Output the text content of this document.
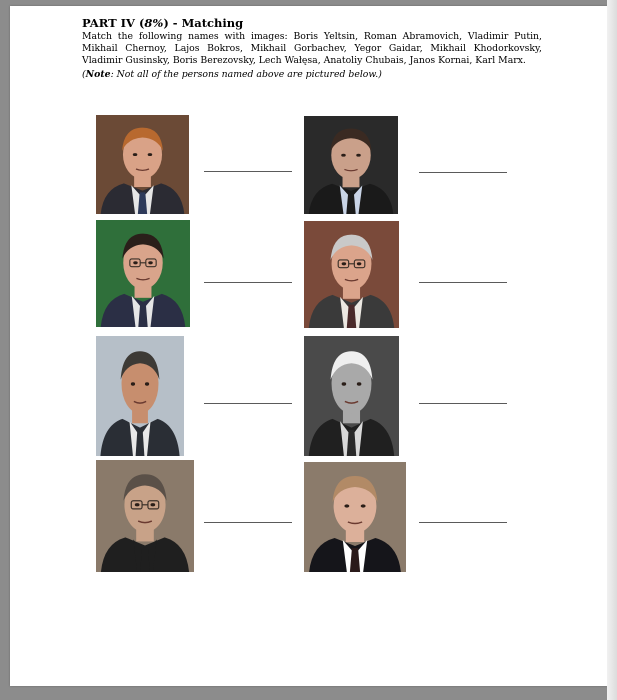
PART IV (8%) - Matching
Match the following names with images: Boris Yeltsin, Roman Abramovich, Vladimir Putin, Mikhail Chernoy, Lajos Bokros, Mikhail Gorbachev, Yegor Gaidar, Mikhail Khodorkovsky, Vladimir Gusinsky, Boris Berezovsky, Lech Wałęsa, Anatoliy Chubais, Janos Kornai, Karl Marx.
(Note: Not all of the persons named above are pictured below.)
